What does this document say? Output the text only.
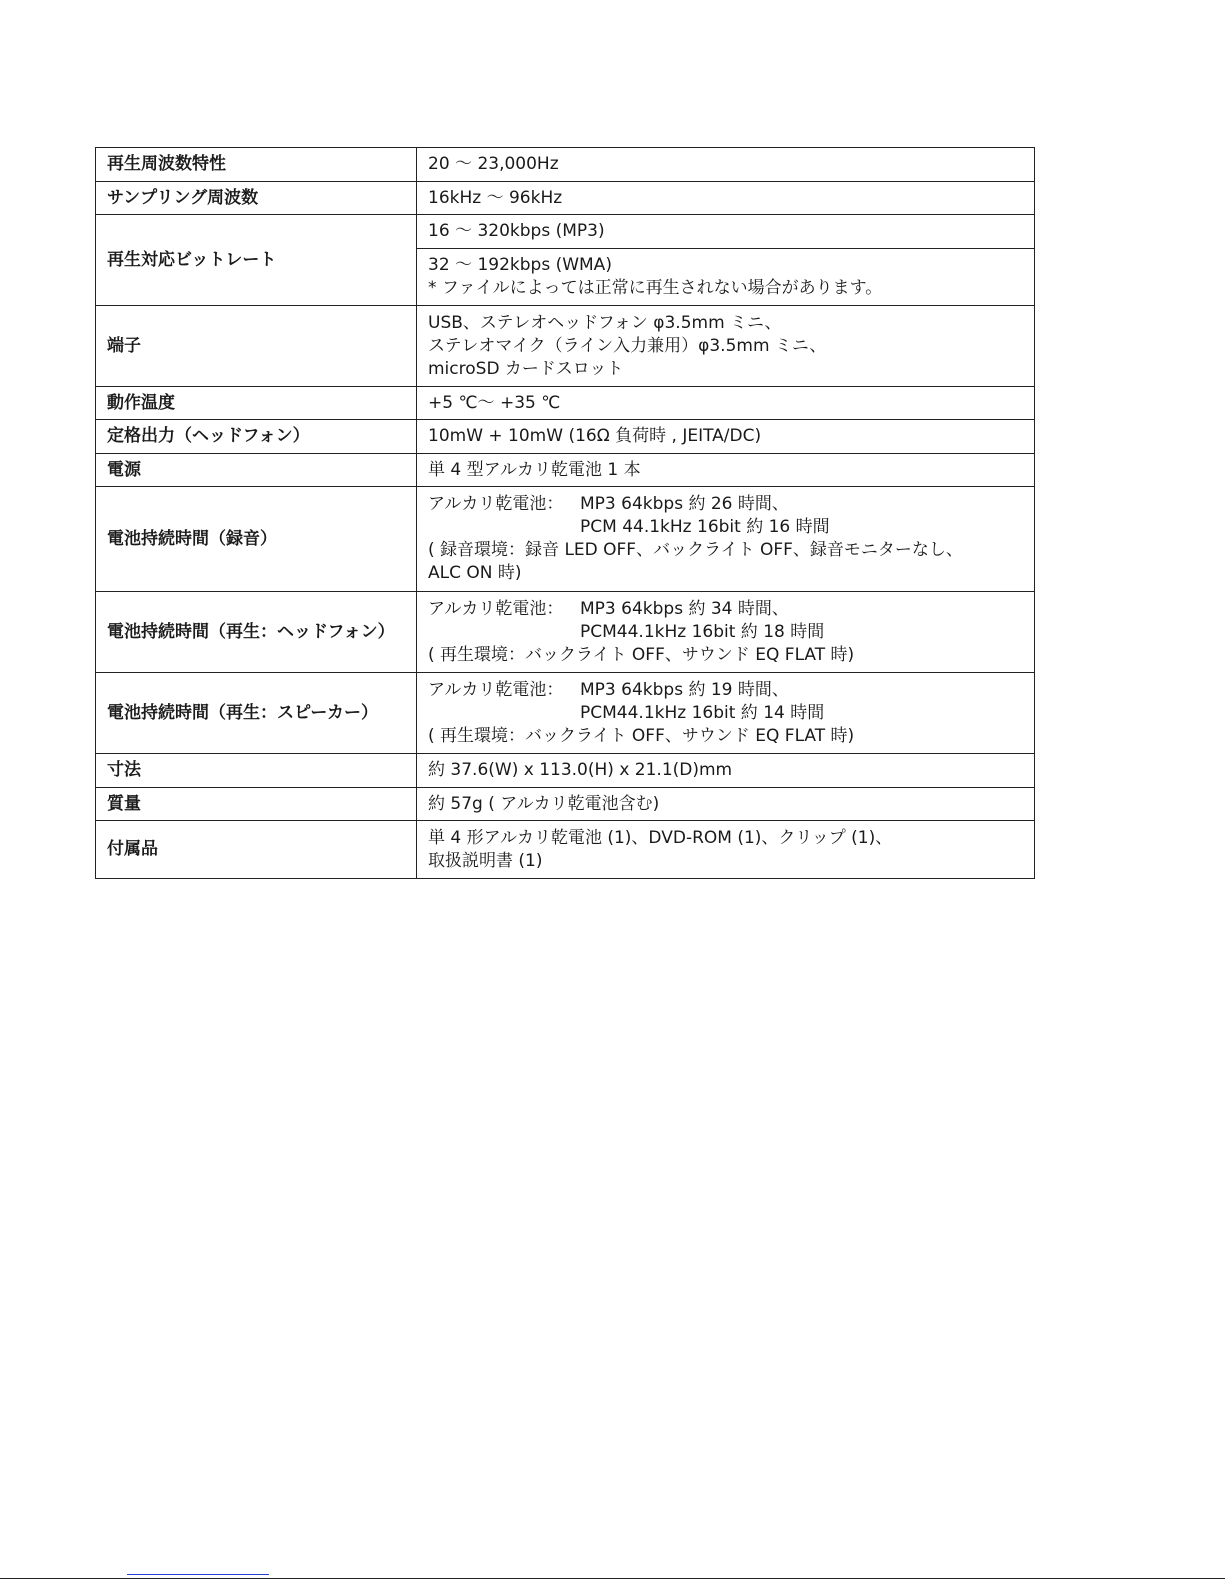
再生周波数特性	20 ～ 23,000Hz
サンプリング周波数	16kHz ～ 96kHz
再生対応ビットレート	16 ～ 320kbps (MP3)

	32 ～ 192kbps (WMA)
* ファイルによっては正常に再生されない場合があります。

端子	USB、ステレオヘッドフォン φ3.5mm ミニ、
ステレオマイク（ライン入力兼用）φ3.5mm ミニ、
microSD カードスロット

動作温度	+5 ℃～ +35 ℃
定格出力（ヘッドフォン）	10mW + 10mW (16Ω 負荷時 , JEITA/DC)
電源	単 4 型アルカリ乾電池 1 本
電池持続時間（録音）	アルカリ乾電池： MP3 64kbps 約 26 時間、
PCM 44.1kHz 16bit 約 16 時間
( 録音環境：録音 LED OFF、バックライト OFF、録音モニターなし、
ALC ON 時)

電池持続時間（再生：ヘッドフォン）	アルカリ乾電池： MP3 64kbps 約 34 時間、
PCM44.1kHz 16bit 約 18 時間
( 再生環境：バックライト OFF、サウンド EQ FLAT 時)

電池持続時間（再生：スピーカー）	アルカリ乾電池： MP3 64kbps 約 19 時間、
PCM44.1kHz 16bit 約 14 時間
( 再生環境：バックライト OFF、サウンド EQ FLAT 時)

寸法	約 37.6(W) x 113.0(H) x 21.1(D)mm
質量	約 57g ( アルカリ乾電池含む)
付属品	単 4 形アルカリ乾電池 (1)、DVD-ROM (1)、クリップ (1)、
取扱説明書 (1)
